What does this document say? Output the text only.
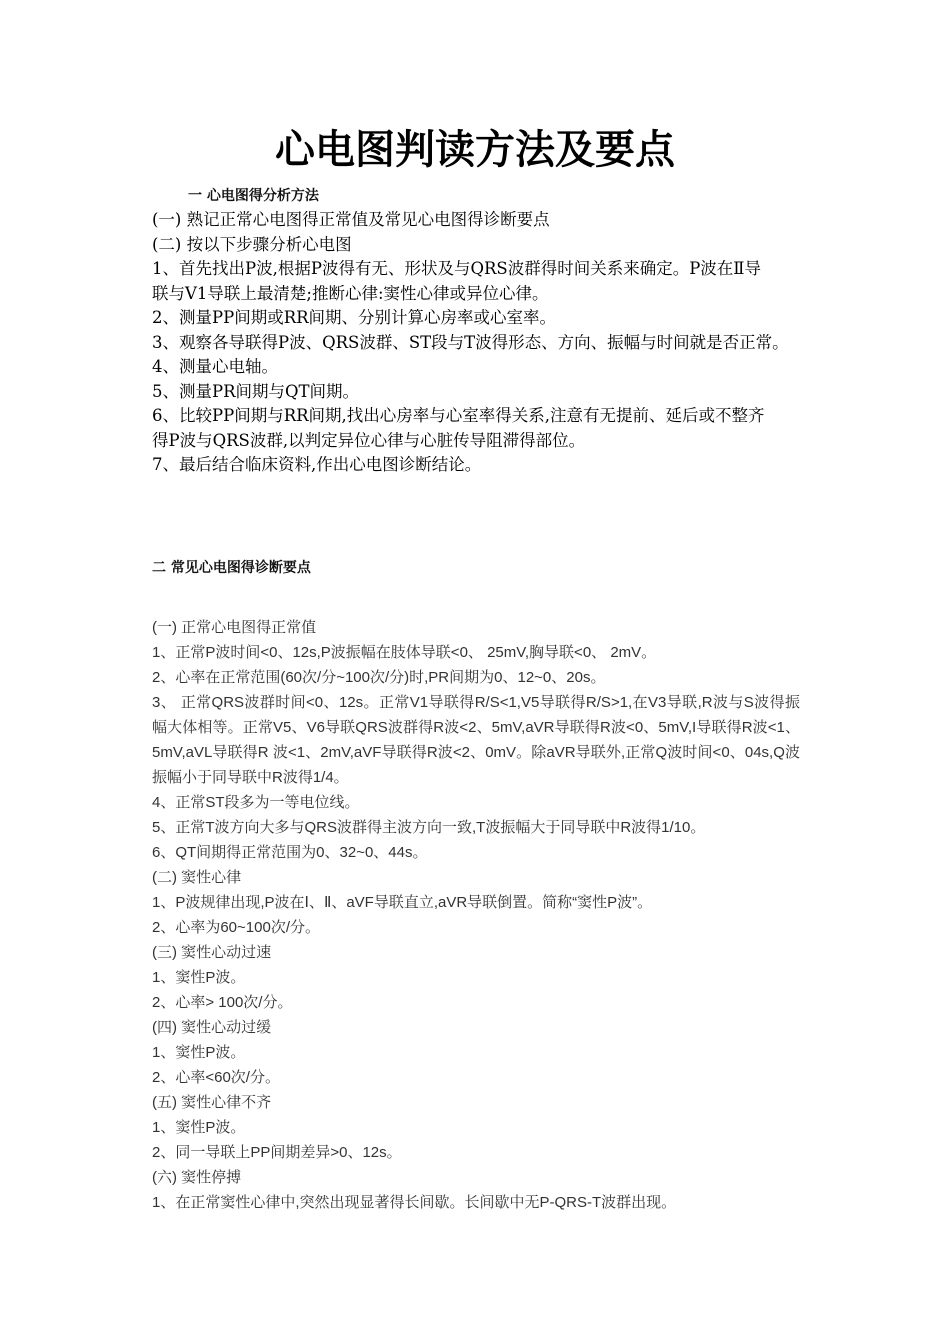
心电图判读方法及要点

一 心电图得分析方法

(一) 熟记正常心电图得正常值及常见心电图得诊断要点

(二) 按以下步骤分析心电图

1、首先找出P波,根据P波得有无、形状及与QRS波群得时间关系来确定。P波在Ⅱ导

联与V1导联上最清楚;推断心律:窦性心律或异位心律。

2、测量PP间期或RR间期、分别计算心房率或心室率。

3、观察各导联得P波、QRS波群、ST段与T波得形态、方向、振幅与时间就是否正常。

4、测量心电轴。

5、测量PR间期与QT间期。

6、比较PP间期与RR间期,找出心房率与心室率得关系,注意有无提前、延后或不整齐

得P波与QRS波群,以判定异位心律与心脏传导阻滞得部位。

7、最后结合临床资料,作出心电图诊断结论。

二 常见心电图得诊断要点

(一) 正常心电图得正常值

1、正常P波时间<0、12s,P波振幅在肢体导联<0、 25mV,胸导联<0、 2mV。

2、心率在正常范围(60次/分~100次/分)时,PR间期为0、12~0、20s。

3、 正常QRS波群时间<0、12s。正常V1导联得R/S<1,V5导联得R/S>1,在V3导联,R波与S波得振幅大体相等。正常V5、V6导联QRS波群得R波<2、5mV,aVR导联得R波<0、5mV,I导联得R波<1、5mV,aVL导联得R 波<1、2mV,aVF导联得R波<2、0mV。除aVR导联外,正常Q波时间<0、04s,Q波振幅小于同导联中R波得1/4。

4、正常ST段多为一等电位线。

5、正常T波方向大多与QRS波群得主波方向一致,T波振幅大于同导联中R波得1/10。

6、QT间期得正常范围为0、32~0、44s。

(二) 窦性心律

1、P波规律出现,P波在Ⅰ、Ⅱ、aVF导联直立,aVR导联倒置。简称“窦性P波”。

2、心率为60~100次/分。

(三) 窦性心动过速

1、窦性P波。

2、心率> 100次/分。

(四) 窦性心动过缓

1、窦性P波。

2、心率<60次/分。

(五) 窦性心律不齐

1、窦性P波。

2、同一导联上PP间期差异>0、12s。

(六) 窦性停搏

1、在正常窦性心律中,突然出现显著得长间歇。长间歇中无P-QRS-T波群出现。
